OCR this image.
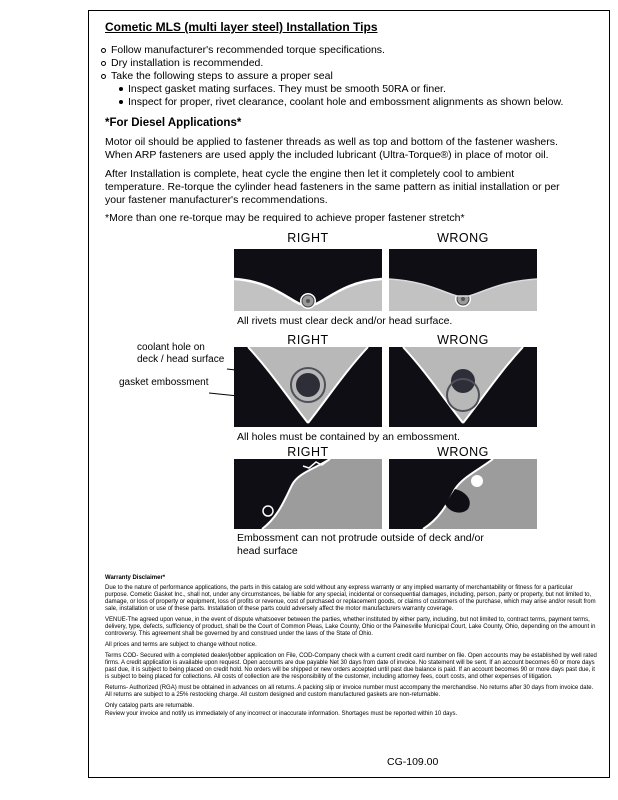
Cometic MLS (multi layer steel) Installation Tips
Follow manufacturer's recommended torque specifications.
Dry installation is recommended.
Take the following steps to assure a proper seal
Inspect gasket mating surfaces. They must be smooth 50RA or finer.
Inspect for proper, rivet clearance, coolant hole and embossment alignments as shown below.
*For Diesel Applications*
Motor oil should be applied to fastener threads as well as top and bottom of the fastener washers. When ARP fasteners are used apply the included lubricant (Ultra-Torque®) in place of motor oil.
After Installation is complete, heat cycle the engine then let it completely cool to ambient temperature. Re-torque the cylinder head fasteners in the same pattern as initial installation or per your fastener manufacturer's recommendations.
*More than one re-torque may be required to achieve proper fastener stretch*
RIGHT	WRONG
All rivets must clear deck and/or head surface.
RIGHT	WRONG
coolant hole on deck / head surface
gasket embossment
All holes must be contained by an embossment.
RIGHT	WRONG
Embossment can not protrude outside of deck and/or head surface

Warranty Disclaimer*

Due to the nature of performance applications, the parts in this catalog are sold without any express warranty or any implied warranty of merchantability or fitness for a particular purpose. Cometic Gasket Inc., shall not, under any circumstances, be liable for any special, incidental or consequential damages, including, person, party or property, but not limited to, damage, or loss of property or equipment, loss of profits or revenue, cost of purchased or replacement goods, or claims of customers of the purchase, which may arise and/or result from sale, installation or use of these parts. Installation of these parts could adversely affect the motor manufacturers warranty coverage.

VENUE-The agreed upon venue, in the event of dispute whatsoever between the parties, whether instituted by either party, including, but not limited to, contract terms, payment terms, delivery, type, defects, sufficiency of product, shall be the Court of Common Pleas, Lake County, Ohio or the Painesville Municipal Court, Lake County, Ohio, depending on the amount in controversy. This agreement shall be governed by and construed under the laws of the State of Ohio.

All prices and terms are subject to change without notice.

Terms COD- Secured with a completed dealer/jobber application on File, COD-Company check with a current credit card number on file. Open accounts may be established by well rated firms. A credit application is available upon request. Open accounts are due payable Net 30 days from date of invoice. No statement will be sent. If an account becomes 60 or more days past due, it is subject to being placed on credit hold. No orders will be shipped or new orders accepted until past due balance is paid. If an account becomes 90 or more days past due, it is subject to being placed for collections. All costs of collection are the responsibility of the customer, including attorney fees, court costs, and other expenses of litigation.

Returns- Authorized (RGA) must be obtained in advances on all returns. A packing slip or invoice number must accompany the merchandise. No returns after 30 days from invoice date. All returns are subject to a 25% restocking charge. All custom designed and custom manufactured gaskets are non-returnable.

Only catalog parts are returnable.

Review your invoice and notify us immediately of any incorrect or inaccurate information. Shortages must be reported within 10 days.

CG-109.00
